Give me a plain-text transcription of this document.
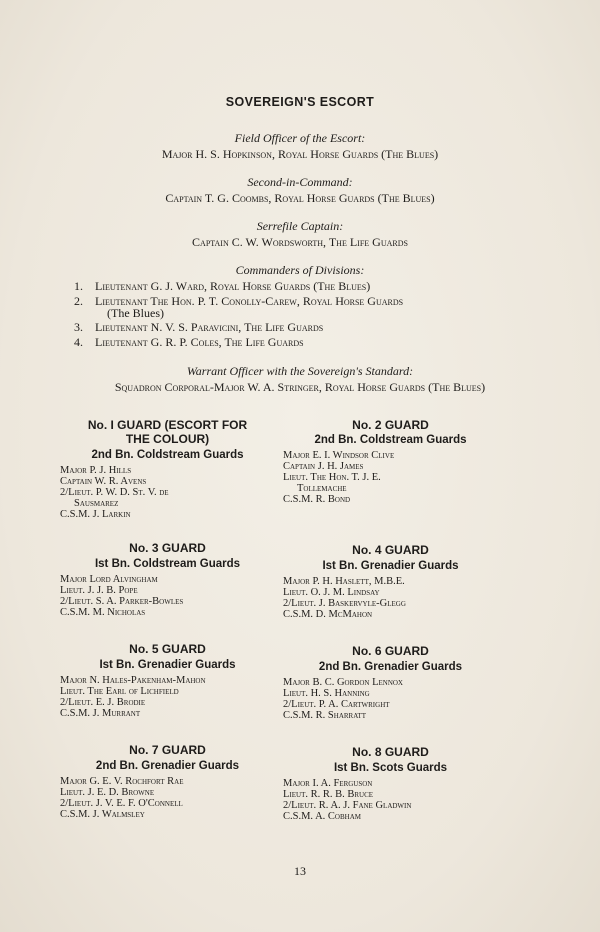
SOVEREIGN'S ESCORT
Field Officer of the Escort:
Major H. S. Hopkinson, Royal Horse Guards (The Blues)
Second-in-Command:
Captain T. G. Coombs, Royal Horse Guards (The Blues)
Serrefile Captain:
Captain C. W. Wordsworth, The Life Guards
Commanders of Divisions:
1.	Lieutenant G. J. Ward, Royal Horse Guards (The Blues)
2.	Lieutenant The Hon. P. T. Conolly-Carew, Royal Horse Guards
(The Blues)
3.	Lieutenant N. V. S. Paravicini, The Life Guards
4.	Lieutenant G. R. P. Coles, The Life Guards
Warrant Officer with the Sovereign's Standard:
Squadron Corporal-Major W. A. Stringer, Royal Horse Guards (The Blues)
No. I GUARD (ESCORT FOR
THE COLOUR)
2nd Bn. Coldstream Guards
Major P. J. Hills
Captain W. R. Avens
2/Lieut. P. W. D. St. V. de
Sausmarez
C.S.M. J. Larkin
No. 2 GUARD
2nd Bn. Coldstream Guards
Major E. I. Windsor Clive
Captain J. H. James
Lieut. The Hon. T. J. E.
Tollemache
C.S.M. R. Bond
No. 3 GUARD
Ist Bn. Coldstream Guards
Major Lord Alvingham
Lieut. J. J. B. Pope
2/Lieut. S. A. Parker-Bowles
C.S.M. M. Nicholas
No. 4 GUARD
Ist Bn. Grenadier Guards
Major P. H. Haslett, M.B.E.
Lieut. O. J. M. Lindsay
2/Lieut. J. Baskervyle-Glegg
C.S.M. D. McMahon
No. 5 GUARD
Ist Bn. Grenadier Guards
Major N. Hales-Pakenham-Mahon
Lieut. The Earl of Lichfield
2/Lieut. E. J. Brodie
C.S.M. J. Murrant
No. 6 GUARD
2nd Bn. Grenadier Guards
Major B. C. Gordon Lennox
Lieut. H. S. Hanning
2/Lieut. P. A. Cartwright
C.S.M. R. Sharratt
No. 7 GUARD
2nd Bn. Grenadier Guards
Major G. E. V. Rochfort Rae
Lieut. J. E. D. Browne
2/Lieut. J. V. E. F. O'Connell
C.S.M. J. Walmsley
No. 8 GUARD
Ist Bn. Scots Guards
Major I. A. Ferguson
Lieut. R. R. B. Bruce
2/Lieut. R. A. J. Fane Gladwin
C.S.M. A. Cobham
13
